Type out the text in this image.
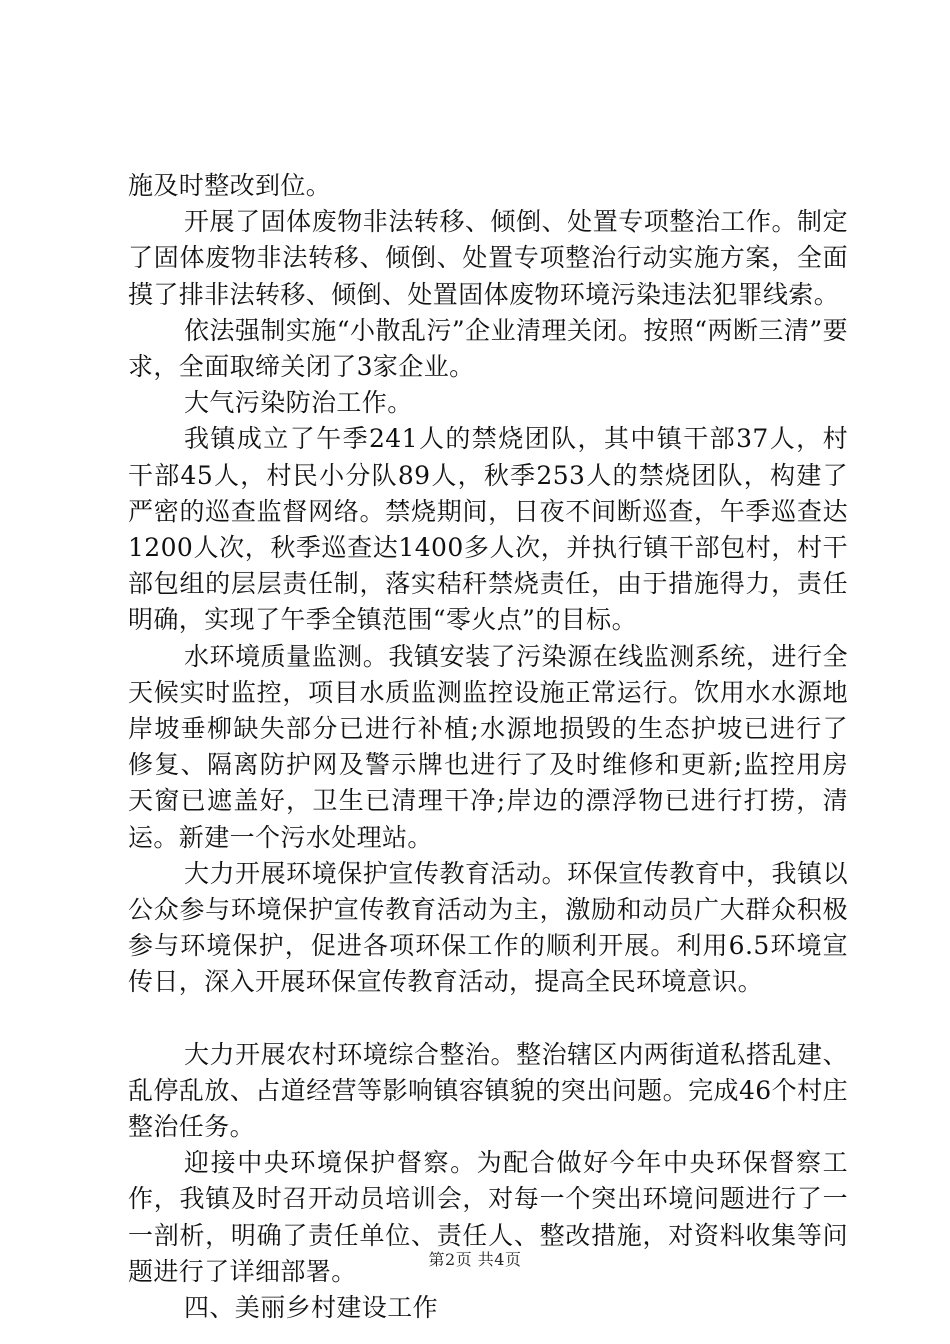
施及时整改到位。

开展了固体废物非法转移、倾倒、处置专项整治工作。制定了固体废物非法转移、倾倒、处置专项整治行动实施方案，全面摸了排非法转移、倾倒、处置固体废物环境污染违法犯罪线索。

依法强制实施“小散乱污”企业清理关闭。按照“两断三清”要求，全面取缔关闭了3家企业。

大气污染防治工作。

我镇成立了午季241人的禁烧团队，其中镇干部37人，村干部45人，村民小分队89人，秋季253人的禁烧团队，构建了严密的巡查监督网络。禁烧期间，日夜不间断巡查，午季巡查达1200人次，秋季巡查达1400多人次，并执行镇干部包村，村干部包组的层层责任制，落实秸秆禁烧责任，由于措施得力，责任明确，实现了午季全镇范围“零火点”的目标。

水环境质量监测。我镇安装了污染源在线监测系统，进行全天候实时监控，项目水质监测监控设施正常运行。饮用水水源地岸坡垂柳缺失部分已进行补植;水源地损毁的生态护坡已进行了修复、隔离防护网及警示牌也进行了及时维修和更新;监控用房天窗已遮盖好，卫生已清理干净;岸边的漂浮物已进行打捞，清运。新建一个污水处理站。

大力开展环境保护宣传教育活动。环保宣传教育中，我镇以公众参与环境保护宣传教育活动为主，激励和动员广大群众积极参与环境保护，促进各项环保工作的顺利开展。利用6.5环境宣传日，深入开展环保宣传教育活动，提高全民环境意识。

大力开展农村环境综合整治。整治辖区内两街道私搭乱建、乱停乱放、占道经营等影响镇容镇貌的突出问题。完成46个村庄整治任务。

迎接中央环境保护督察。为配合做好今年中央环保督察工作，我镇及时召开动员培训会，对每一个突出环境问题进行了一一剖析，明确了责任单位、责任人、整改措施，对资料收集等问题进行了详细部署。

四、美丽乡村建设工作

第2页 共4页
